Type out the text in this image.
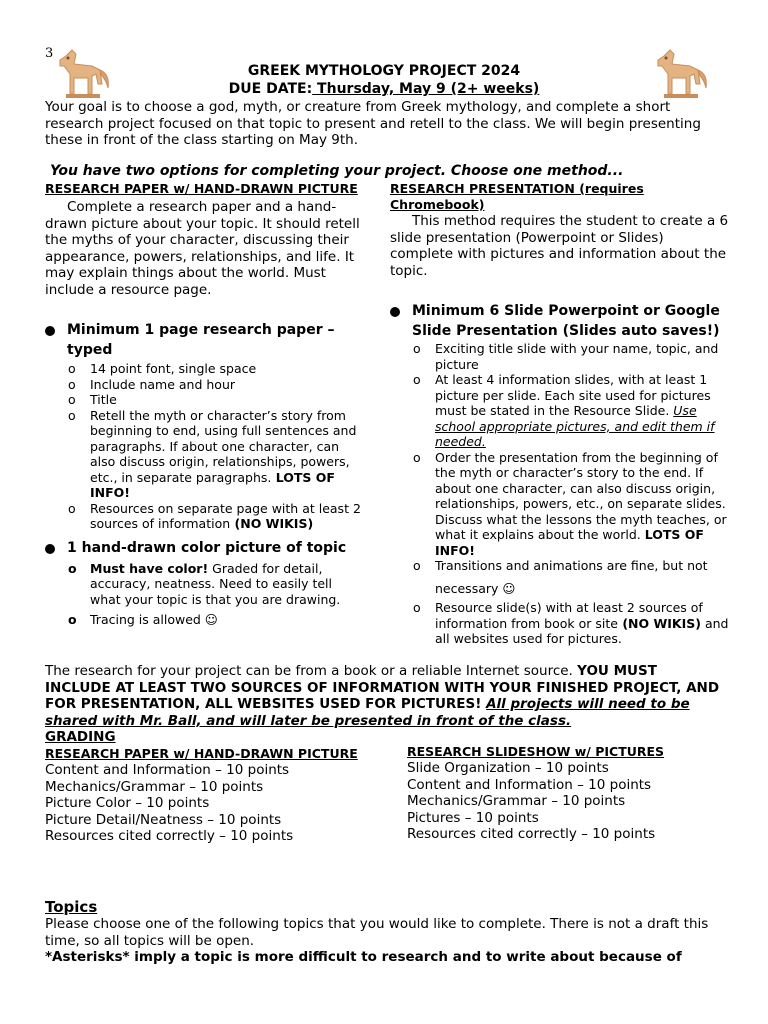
3
GREEK MYTHOLOGY PROJECT 2024
DUE DATE: Thursday, May 9 (2+ weeks)
Your goal is to choose a god, myth, or creature from Greek mythology, and complete a short research project focused on that topic to present and retell to the class. We will begin presenting these in front of the class starting on May 9th.
You have two options for completing your project. Choose one method...
RESEARCH PAPER w/ HAND-DRAWN PICTURE
Complete a research paper and a hand-drawn picture about your topic. It should retell the myths of your character, discussing their appearance, powers, relationships, and life. It may explain things about the world. Must include a resource page.
Minimum 1 page research paper – typed
o 14 point font, single space
o Include name and hour
o Title
o Retell the myth or character’s story from beginning to end, using full sentences and paragraphs. If about one character, can also discuss origin, relationships, powers, etc., in separate paragraphs. LOTS OF INFO!
o Resources on separate page with at least 2 sources of information (NO WIKIS)
1 hand-drawn color picture of topic
o Must have color! Graded for detail, accuracy, neatness. Need to easily tell what your topic is that you are drawing.
o Tracing is allowed ☺
RESEARCH PRESENTATION (requires Chromebook)
This method requires the student to create a 6 slide presentation (Powerpoint or Slides) complete with pictures and information about the topic.
Minimum 6 Slide Powerpoint or Google Slide Presentation (Slides auto saves!)
o Exciting title slide with your name, topic, and picture
o At least 4 information slides, with at least 1 picture per slide. Each site used for pictures must be stated in the Resource Slide. Use school appropriate pictures, and edit them if needed.
o Order the presentation from the beginning of the myth or character’s story to the end. If about one character, can also discuss origin, relationships, powers, etc., on separate slides. Discuss what the lessons the myth teaches, or what it explains about the world. LOTS OF INFO!
o Transitions and animations are fine, but not
necessary ☺
o Resource slide(s) with at least 2 sources of information from book or site (NO WIKIS) and all websites used for pictures.
The research for your project can be from a book or a reliable Internet source. YOU MUST INCLUDE AT LEAST TWO SOURCES OF INFORMATION WITH YOUR FINISHED PROJECT, AND FOR PRESENTATION, ALL WEBSITES USED FOR PICTURES! All projects will need to be shared with Mr. Ball, and will later be presented in front of the class.
GRADING
RESEARCH PAPER w/ HAND-DRAWN PICTURE
Content and Information – 10 points
Mechanics/Grammar – 10 points
Picture Color – 10 points
Picture Detail/Neatness – 10 points
Resources cited correctly – 10 points
RESEARCH SLIDESHOW w/ PICTURES
Slide Organization – 10 points
Content and Information – 10 points
Mechanics/Grammar – 10 points
Pictures – 10 points
Resources cited correctly – 10 points
Topics
Please choose one of the following topics that you would like to complete. There is not a draft this time, so all topics will be open.
*Asterisks* imply a topic is more difficult to research and to write about because of
